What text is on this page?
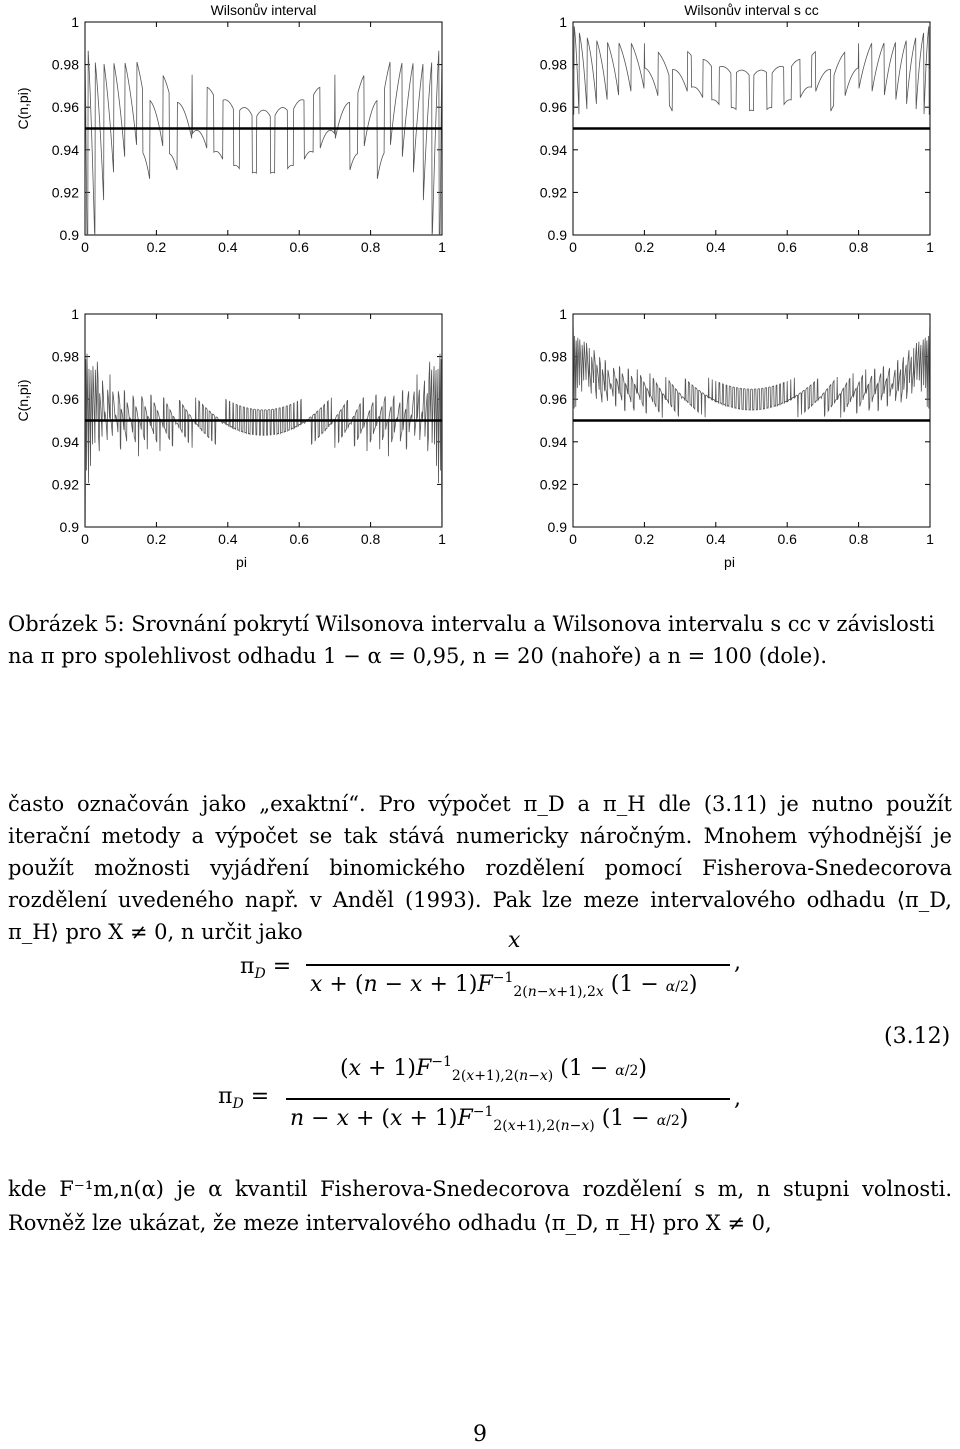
1
0.98
0.96
0.94
0.92
0.9
0	0.2	0.4	0.6	0.8	1
Wilsonův interval
C(n,pi)
1
0.98
0.96
0.94
0.92
0.9
0	0.2	0.4	0.6	0.8	1
Wilsonův interval s cc
1
0.98
0.96
0.94
0.92
0.9
0	0.2	0.4	0.6	0.8	1
C(n,pi)
pi
1
0.98
0.96
0.94
0.92
0.9
0	0.2	0.4	0.6	0.8	1
pi
Obrázek 5: Srovnání pokrytí Wilsonova intervalu a Wilsonova intervalu s cc v závislosti na π pro spolehlivost odhadu 1 − α = 0,95, n = 20 (nahoře) a n = 100 (dole).

často označován jako „exaktní“. Pro výpočet π_D a π_H dle (3.11) je nutno použít iterační metody a výpočet se tak stává numericky náročným. Mnohem výhodnější je použít možnosti vyjádření binomického rozdělení pomocí Fisherova-Snedecorova rozdělení uvedeného např. v Anděl (1993). Pak lze meze intervalového odhadu ⟨π_D, π_H⟩ pro X ≠ 0, n určit jako

$\pi_D$ =
x
$x + (n - x + 1)F^{-1}_{2(n-x+1),2x}$ (1 − α/2)
,
$\pi_D$ =
$(x + 1)F^{-1}_{2(x+1),2(n-x)}$ (1 − α/2)
$n - x + (x + 1)F^{-1}_{2(x+1),2(n-x)}$ (1 − α/2)
,
(3.12)
kde F⁻¹m,n(α) je α kvantil Fisherova-Snedecorova rozdělení s m, n stupni volnosti. Rovněž lze ukázat, že meze intervalového odhadu ⟨π_D, π_H⟩ pro X ≠ 0,
9
